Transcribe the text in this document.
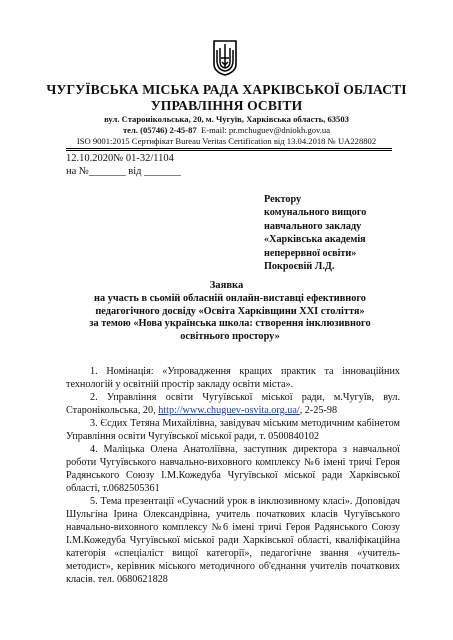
ЧУГУЇВСЬКА МІСЬКА РАДА ХАРКІВСЬКОЇ ОБЛАСТІ
УПРАВЛІННЯ ОСВІТИ
вул. Старонікольська, 20, м. Чугуїв, Харківська область, 63503
тел. (05746) 2-45-87 E-mail: pr.mchuguev@dniokh.gov.ua
ISO 9001:2015 Сертифікат Bureau Veritas Certification від 13.04.2018 № UA228802
12.10.2020№ 01-32/1104
на №_______ від _______
Ректору
комунального вищого
навчального закладу
«Харківська академія
неперервної освіти»
Покроєвій Л.Д.
Заявка
на участь в сьомій обласній онлайн-виставці ефективного
педагогічного досвіду «Освіта Харківщини ХХІ століття»
за темою «Нова українська школа: створення інклюзивного
освітнього простору»

1. Номінація: «Упровадження кращих практик та інноваційних технологій у освітній простір закладу освіти міста».

2. Управління освіти Чугуївської міської ради, м.Чугуїв, вул. Старонікольська, 20, http://www.chuguev-osvita.org.ua/, 2-25-98

3. Єсдих Тетяна Михайлівна, завідувач міським методичним кабінетом Управління освіти Чугуївської міської ради, т. 0500840102

4. Маліцька Олена Анатоліївна, заступник директора з навчальної роботи Чугуївського навчально-виховного комплексу №6 імені тричі Героя Радянського Союзу І.М.Кожедуба Чугуївської міської ради Харківської області, т.0682505361

5. Тема презентації «Сучасний урок в інклюзивному класі». Доповідач Шульгіна Ірина Олександрівна, учитель початкових класів Чугуївського навчально-виховного комплексу №6 імені тричі Героя Радянського Союзу І.М.Кожедуба Чугуївської міської ради Харківської області, кваліфікаційна категорія «спеціаліст вищої категорії», педагогічне звання «учитель-методист», керівник міського методичного об'єднання учителів початкових класів. тел. 0680621828
